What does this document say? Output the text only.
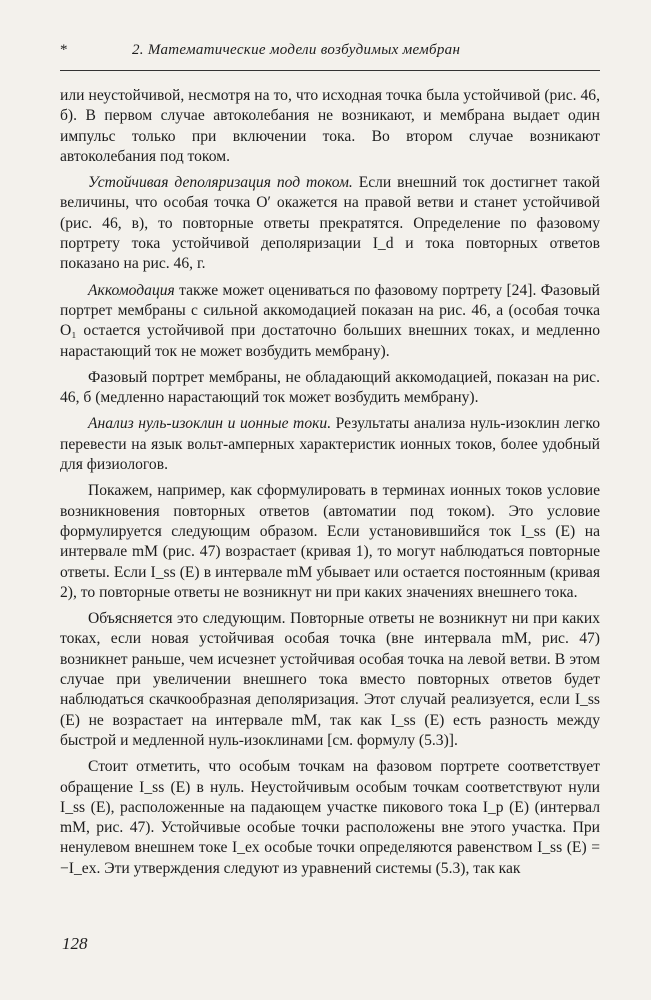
*	2. Математические модели возбудимых мембран

или неустойчивой, несмотря на то, что исходная точка была устойчивой (рис. 46, б). В первом случае автоколебания не возникают, и мембрана выдает один импульс только при включении тока. Во втором случае возникают автоколебания под током.

Устойчивая деполяризация под током. Если внешний ток достигнет такой величины, что особая точка O′ окажется на правой ветви и станет устойчивой (рис. 46, в), то повторные ответы прекратятся. Определение по фазовому портрету тока устойчивой деполяризации I_d и тока повторных ответов показано на рис. 46, г.

Аккомодация также может оцениваться по фазовому портрету [24]. Фазовый портрет мембраны с сильной аккомодацией показан на рис. 46, а (особая точка O₁ остается устойчивой при достаточно больших внешних токах, и медленно нарастающий ток не может возбудить мембрану).

Фазовый портрет мембраны, не обладающий аккомодацией, показан на рис. 46, б (медленно нарастающий ток может возбудить мембрану).

Анализ нуль-изоклин и ионные токи. Результаты анализа нуль-изоклин легко перевести на язык вольт-амперных характеристик ионных токов, более удобный для физиологов.

Покажем, например, как сформулировать в терминах ионных токов условие возникновения повторных ответов (автоматии под током). Это условие формулируется следующим образом. Если установившийся ток I_ss (E) на интервале mM (рис. 47) возрастает (кривая 1), то могут наблюдаться повторные ответы. Если I_ss (E) в интервале mM убывает или остается постоянным (кривая 2), то повторные ответы не возникнут ни при каких значениях внешнего тока.

Объясняется это следующим. Повторные ответы не возникнут ни при каких токах, если новая устойчивая особая точка (вне интервала mM, рис. 47) возникнет раньше, чем исчезнет устойчивая особая точка на левой ветви. В этом случае при увеличении внешнего тока вместо повторных ответов будет наблюдаться скачкообразная деполяризация. Этот случай реализуется, если I_ss (E) не возрастает на интервале mM, так как I_ss (E) есть разность между быстрой и медленной нуль-изоклинами [см. формулу (5.3)].

Стоит отметить, что особым точкам на фазовом портрете соответствует обращение I_ss (E) в нуль. Неустойчивым особым точкам соответствуют нули I_ss (E), расположенные на падающем участке пикового тока I_p (E) (интервал mM, рис. 47). Устойчивые особые точки расположены вне этого участка. При ненулевом внешнем токе I_ex особые точки определяются равенством I_ss (E) = −I_ex. Эти утверждения следуют из уравнений системы (5.3), так как

128
